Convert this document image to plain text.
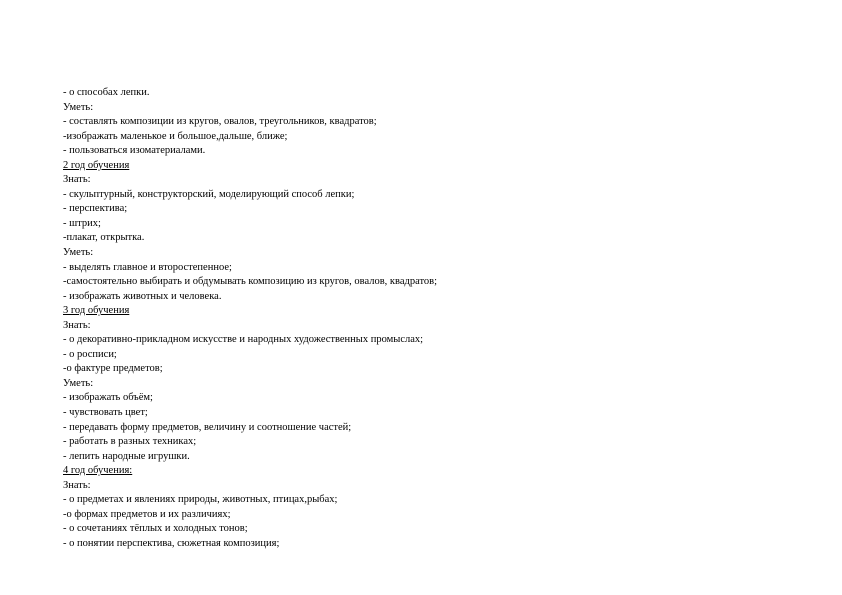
- о способах лепки.
Уметь:
- составлять композиции из кругов, овалов, треугольников, квадратов;
-изображать маленькое и большое,дальше, ближе;
- пользоваться изоматериалами.
2 год обучения
Знать:
- скульптурный, конструкторский, моделирующий способ лепки;
- перспектива;
- штрих;
-плакат, открытка.
Уметь:
- выделять главное и второстепенное;
-самостоятельно выбирать и обдумывать композицию из кругов, овалов, квадратов;
- изображать животных и человека.
3 год обучения
Знать:
- о декоративно-прикладном искусстве и народных художественных промыслах;
- о росписи;
-о фактуре предметов;
Уметь:
- изображать объём;
- чувствовать цвет;
- передавать форму предметов, величину и соотношение частей;
- работать в разных техниках;
- лепить народные игрушки.
4 год обучения:
Знать:
- о предметах и явлениях природы, животных, птицах,рыбах;
-о формах предметов и их различиях;
- о сочетаниях тёплых и холодных тонов;
- о понятии перспектива, сюжетная композиция;
